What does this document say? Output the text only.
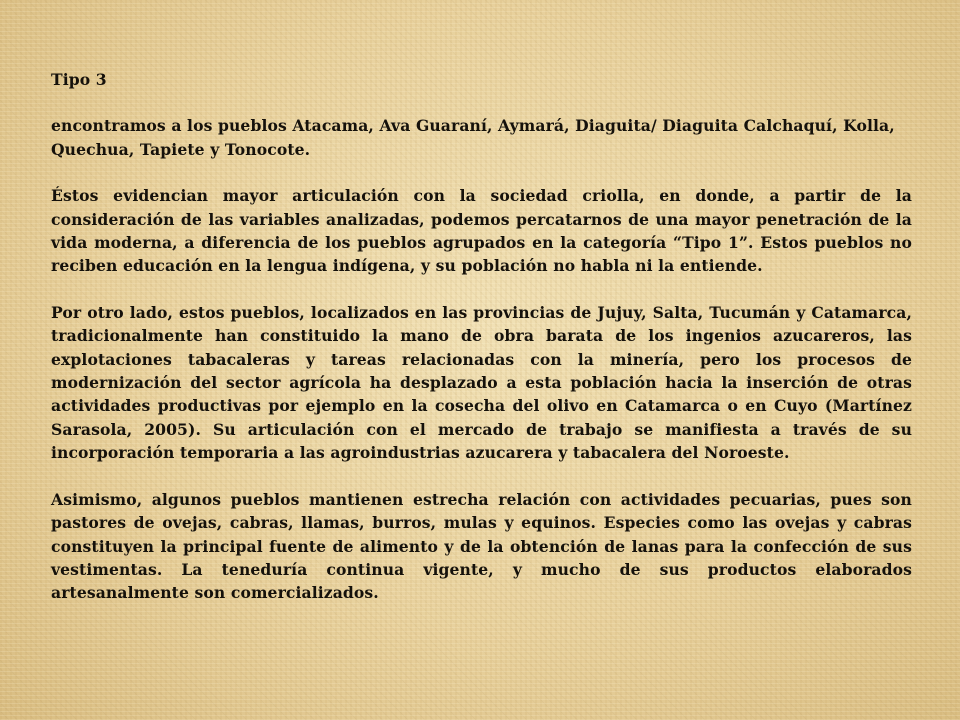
Tipo 3
encontramos a los pueblos Atacama, Ava Guaraní, Aymará, Diaguita/ Diaguita Calchaquí, Kolla, Quechua, Tapiete y Tonocote.
Éstos evidencian mayor articulación con la sociedad criolla, en donde, a partir de la consideración de las variables analizadas, podemos percatarnos de una mayor penetración de la vida moderna, a diferencia de los pueblos agrupados en la categoría “Tipo 1”. Estos pueblos no reciben educación en la lengua indígena, y su población no habla ni la entiende.
Por otro lado, estos pueblos, localizados en las provincias de Jujuy, Salta, Tucumán y Catamarca, tradicionalmente han constituido la mano de obra barata de los ingenios azucareros, las explotaciones tabacaleras y tareas relacionadas con la minería, pero los procesos de modernización del sector agrícola ha desplazado a esta población hacia la inserción de otras actividades productivas por ejemplo en la cosecha del olivo en Catamarca o en Cuyo (Martínez Sarasola, 2005). Su articulación con el mercado de trabajo se manifiesta a través de su incorporación temporaria a las agroindustrias azucarera y tabacalera del Noroeste.
Asimismo, algunos pueblos mantienen estrecha relación con actividades pecuarias, pues son pastores de ovejas, cabras, llamas, burros, mulas y equinos. Especies como las ovejas y cabras constituyen la principal fuente de alimento y de la obtención de lanas para la confección de sus vestimentas. La teneduría continua vigente, y mucho de sus productos elaborados artesanalmente son comercializados.
